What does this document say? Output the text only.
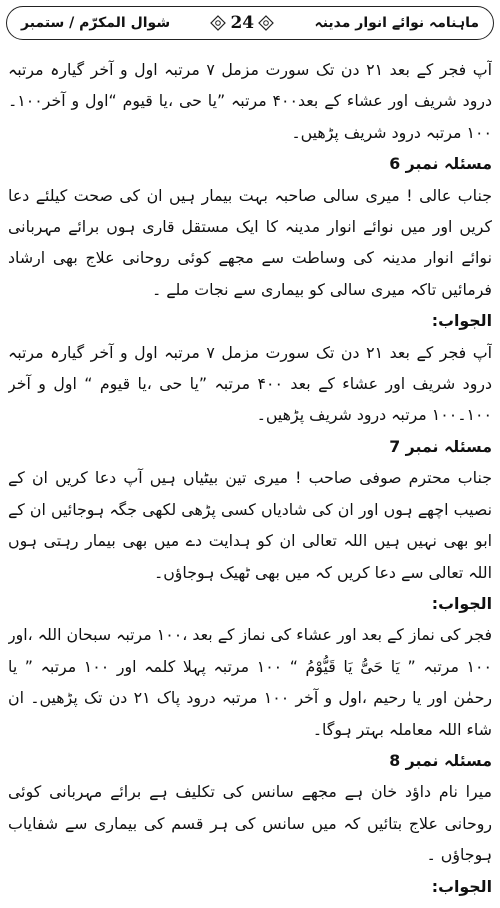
ماہنامہ نوائے انوار مدینہ
24
شوال المکرّم / ستمبر

آپ فجر کے بعد ۲۱ دن تک سورت مزمل ۷ مرتبہ اول و آخر گیارہ مرتبہ درود شریف اور عشاء کے بعد۴۰۰ مرتبہ ”یا حی ،یا قیوم “اول و آخر۱۰۰۔۱۰۰ مرتبہ درود شریف پڑھیں۔

مسئلہ نمبر 6

جناب عالی ! میری سالی صاحبہ بہت بیمار ہیں ان کی صحت کیلئے دعا کریں اور میں نوائے انوار مدینہ کا ایک مستقل قاری ہوں برائے مہربانی نوائے انوار مدینہ کی وساطت سے مجھے کوئی روحانی علاج بھی ارشاد فرمائیں تاکہ میری سالی کو بیماری سے نجات ملے ۔

الجواب:

آپ فجر کے بعد ۲۱ دن تک سورت مزمل ۷ مرتبہ اول و آخر گیارہ مرتبہ درود شریف اور عشاء کے بعد ۴۰۰ مرتبہ ”یا حی ،یا قیوم “ اول و آخر ۱۰۰۔۱۰۰ مرتبہ درود شریف پڑھیں۔

مسئلہ نمبر 7

جناب محترم صوفی صاحب ! میری تین بیٹیاں ہیں آپ دعا کریں ان کے نصیب اچھے ہوں اور ان کی شادیاں کسی پڑھی لکھی جگہ ہوجائیں ان کے ابو بھی نہیں ہیں اللہ تعالی ان کو ہدایت دے میں بھی بیمار رہتی ہوں اللہ تعالی سے دعا کریں کہ میں بھی ٹھیک ہوجاؤں۔

الجواب:

فجر کی نماز کے بعد اور عشاء کی نماز کے بعد ،۱۰۰ مرتبہ سبحان اللہ ،اور ۱۰۰ مرتبہ ” یَا حَیُّ یَا قَیُّوْمُ “ ۱۰۰ مرتبہ پہلا کلمہ اور ۱۰۰ مرتبہ ” یا رحمٰن اور یا رحیم ،اول و آخر ۱۰۰ مرتبہ درود پاک ۲۱ دن تک پڑھیں۔ ان شاء اللہ معاملہ بہتر ہوگا۔

مسئلہ نمبر 8

میرا نام داؤد خان ہے مجھے سانس کی تکلیف ہے برائے مہربانی کوئی روحانی علاج بتائیں کہ میں سانس کی ہر قسم کی بیماری سے شفایاب ہوجاؤں ۔

الجواب:
